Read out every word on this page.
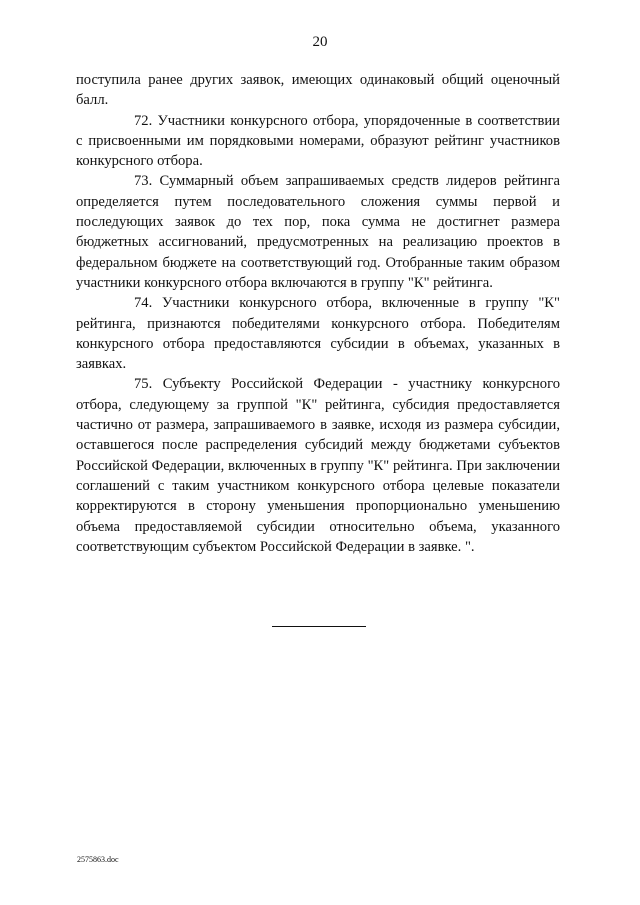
20

поступила ранее других заявок, имеющих одинаковый общий оценочный балл.

72. Участники конкурсного отбора, упорядоченные в соответствии с присвоенными им порядковыми номерами, образуют рейтинг участников конкурсного отбора.

73. Суммарный объем запрашиваемых средств лидеров рейтинга определяется путем последовательного сложения суммы первой и последующих заявок до тех пор, пока сумма не достигнет размера бюджетных ассигнований, предусмотренных на реализацию проектов в федеральном бюджете на соответствующий год. Отобранные таким образом участники конкурсного отбора включаются в группу "К" рейтинга.

74. Участники конкурсного отбора, включенные в группу "К" рейтинга, признаются победителями конкурсного отбора. Победителям конкурсного отбора предоставляются субсидии в объемах, указанных в заявках.

75. Субъекту Российской Федерации - участнику конкурсного отбора, следующему за группой "К" рейтинга, субсидия предоставляется частично от размера, запрашиваемого в заявке, исходя из размера субсидии, оставшегося после распределения субсидий между бюджетами субъектов Российской Федерации, включенных в группу "К" рейтинга. При заключении соглашений с таким участником конкурсного отбора целевые показатели корректируются в сторону уменьшения пропорционально уменьшению объема предоставляемой субсидии относительно объема, указанного соответствующим субъектом Российской Федерации в заявке. ".

2575863.doc
